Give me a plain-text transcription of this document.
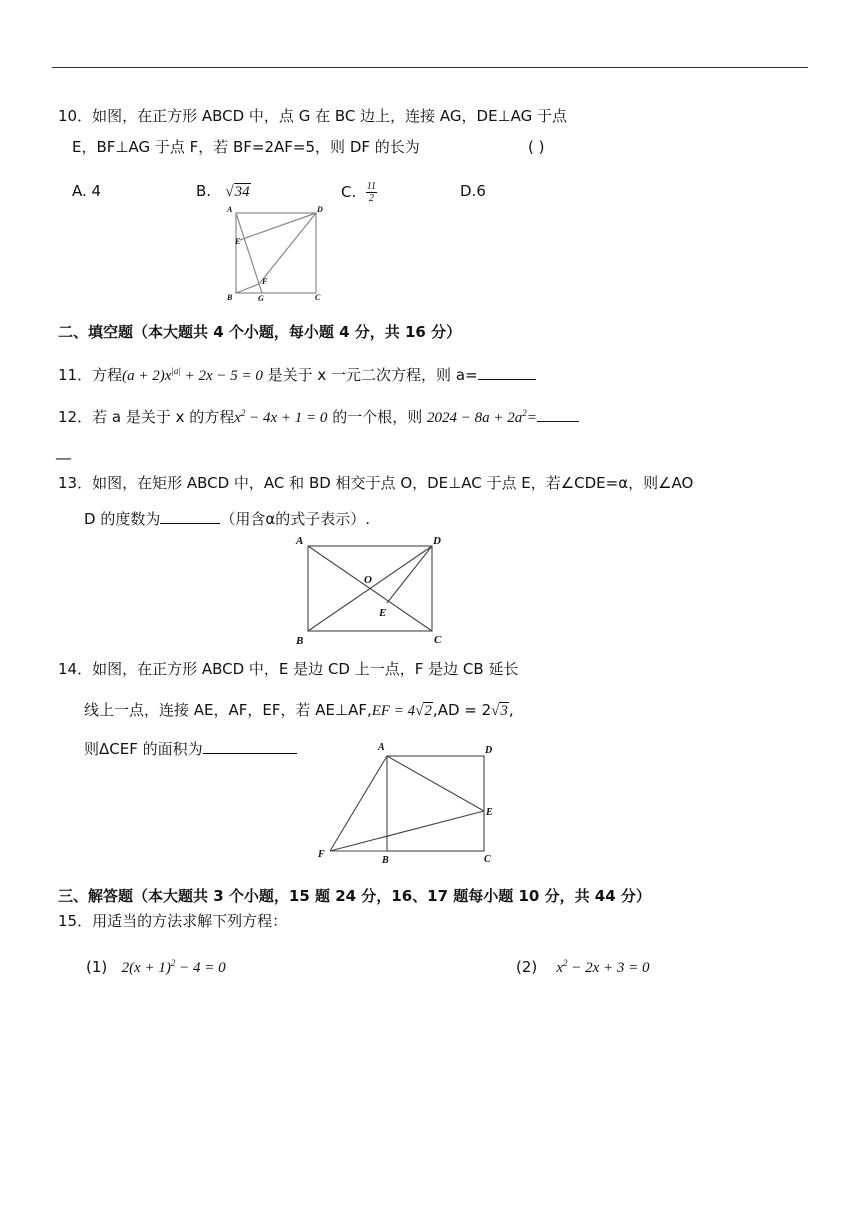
10．如图，在正方形 ABCD 中，点 G 在 BC 边上，连接 AG，DE⊥AG 于点
E，BF⊥AG 于点 F，若 BF=2AF=5，则 DF 的长为	( )
A. 4	B. √34	C. $\frac{11}{2}$	D.6
A	D
E
F
B	G	C
二、填空题（本大题共 4 个小题，每小题 4 分，共 16 分）
11．方程$(a + 2)x^{|a|} + 2x - 5 = 0$ 是关于 x 一元二次方程，则 a=
12．若 a 是关于 x 的方程$x^2 - 4x + 1 = 0$ 的一个根，则 $2024 - 8a + 2a^2=$
__
13．如图，在矩形 ABCD 中，AC 和 BD 相交于点 O，DE⊥AC 于点 E，若∠CDE=α，则∠AO
D 的度数为	（用含α的式子表示）.
A	D
O
E
B	C
14．如图，在正方形 ABCD 中，E 是边 CD 上一点，F 是边 CB 延长
线上一点，连接 AE，AF，EF，若 AE⊥AF,EF = 4√2,AD = 2√3,
则ΔCEF 的面积为	A	D
E
F
B	C
三、解答题（本大题共 3 个小题，15 题 24 分，16、17 题每小题 10 分，共 44 分）
15．用适当的方法求解下列方程：
(1) $2(x + 1)^2 - 4 = 0$	(2) $x^2 - 2x + 3 = 0$
